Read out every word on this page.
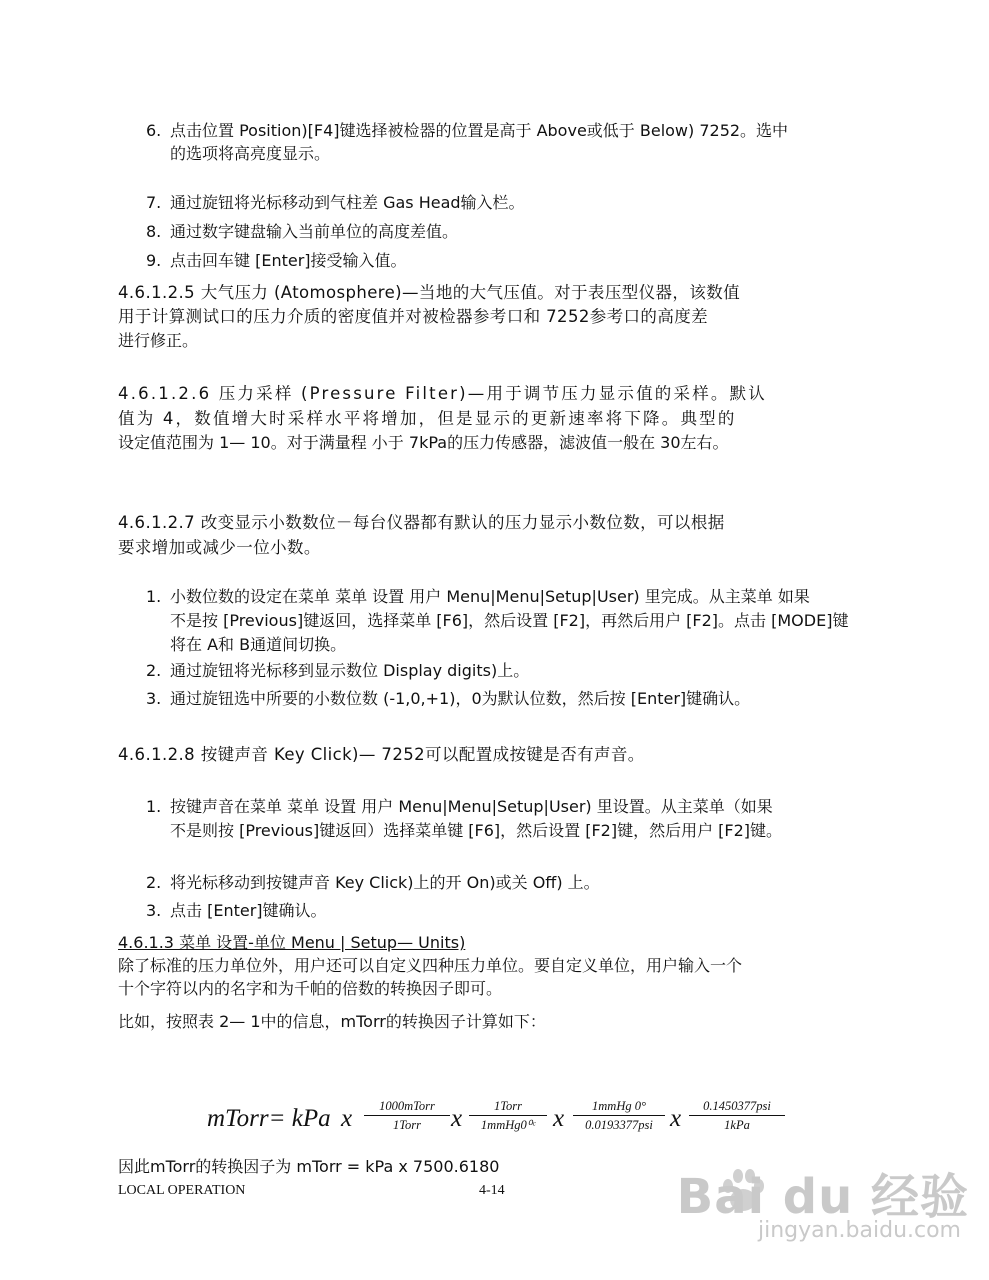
6. 点击位置 Position)[F4]键选择被检器的位置是高于 Above或低于 Below) 7252。选中
的选项将高亮度显示。
7. 通过旋钮将光标移动到气柱差 Gas Head输入栏。
8. 通过数字键盘输入当前单位的高度差值。
9. 点击回车键 [Enter]接受输入值。
4.6.1.2.5 大气压力 (Atomosphere)—当地的大气压值。对于表压型仪器，该数值
用于计算测试口的压力介质的密度值并对被检器参考口和 7252参考口的高度差
进行修正。
4.6.1.2.6 压力采样 (Pressure Filter)—用于调节压力显示值的采样。默认
值为 4，数值增大时采样水平将增加，但是显示的更新速率将下降。典型的
设定值范围为 1— 10。对于满量程 小于 7kPa的压力传感器，滤波值一般在 30左右。
4.6.1.2.7 改变显示小数数位－每台仪器都有默认的压力显示小数位数，可以根据
要求增加或减少一位小数。
1. 小数位数的设定在菜单 菜单 设置 用户 Menu|Menu|Setup|User) 里完成。从主菜单 如果
不是按 [Previous]键返回，选择菜单 [F6]，然后设置 [F2]，再然后用户 [F2]。点击 [MODE]键
将在 A和 B通道间切换。
2. 通过旋钮将光标移到显示数位 Display digits)上。
3. 通过旋钮选中所要的小数位数 (-1,0,+1)，0为默认位数，然后按 [Enter]键确认。
4.6.1.2.8 按键声音 Key Click)— 7252可以配置成按键是否有声音。
1. 按键声音在菜单 菜单 设置 用户 Menu|Menu|Setup|User) 里设置。从主菜单（如果
不是则按 [Previous]键返回）选择菜单键 [F6]，然后设置 [F2]键，然后用户 [F2]键。
2. 将光标移动到按键声音 Key Click)上的开 On)或关 Off) 上。
3. 点击 [Enter]键确认。
4.6.1.3 菜单 设置-单位 Menu | Setup— Units)
除了标准的压力单位外，用户还可以自定义四种压力单位。要自定义单位，用户输入一个
十个字符以内的名字和为千帕的倍数的转换因子即可。
比如，按照表 2— 1中的信息，mTorr的转换因子计算如下：
mTorr= kPa x	1000mTorr
1Torr	x	1Torr
1mmHg0⁰ᶜ x	1mmHg 0°
0.0193377psi x	0.1450377psi
1kPa
因此mTorr的转换因子为 mTorr = kPa x 7500.6180
LOCAL OPERATION	4-14	Bai du 经验
jingyan.baidu.com
